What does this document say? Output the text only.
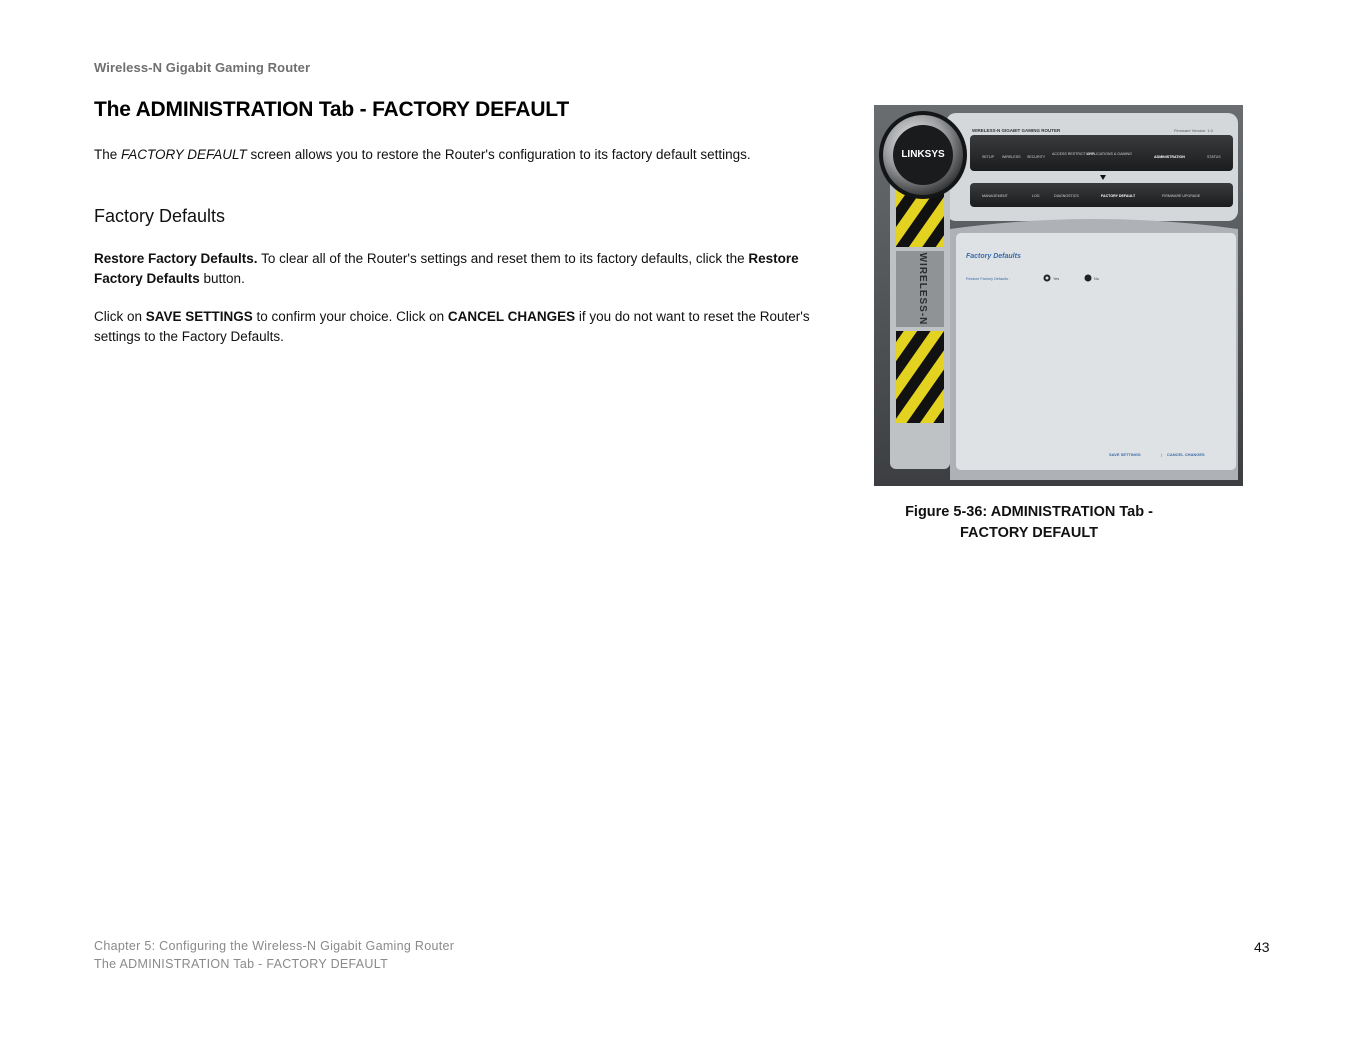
Wireless-N Gigabit Gaming Router
The ADMINISTRATION Tab - FACTORY DEFAULT
The FACTORY DEFAULT screen allows you to restore the Router's configuration to its factory default settings.
Factory Defaults
Restore Factory Defaults. To clear all of the Router's settings and reset them to its factory defaults, click the Restore Factory Defaults button.
Click on SAVE SETTINGS to confirm your choice. Click on CANCEL CHANGES if you do not want to reset the Router's settings to the Factory Defaults.
WIRELESS-N GIGABIT GAMING ROUTER	Firmware Version: 1.0
SETUP WIRELESS SECURITY
ACCESS RESTRICTIONS
APPLICATIONS & GAMING
ADMINISTRATION	STATUS
MANAGEMENT	LOG	DIAGNOSTICS	FACTORY DEFAULT	FIRMWARE UPGRADE
WIRELESS-N
LINKSYS
Factory Defaults
Restore Factory Defaults :	Yes	No
SAVE SETTINGS	| CANCEL CHANGES
Figure 5-36: ADMINISTRATION Tab -
FACTORY DEFAULT
Chapter 5: Configuring the Wireless-N Gigabit Gaming Router
The ADMINISTRATION Tab - FACTORY DEFAULT
43
